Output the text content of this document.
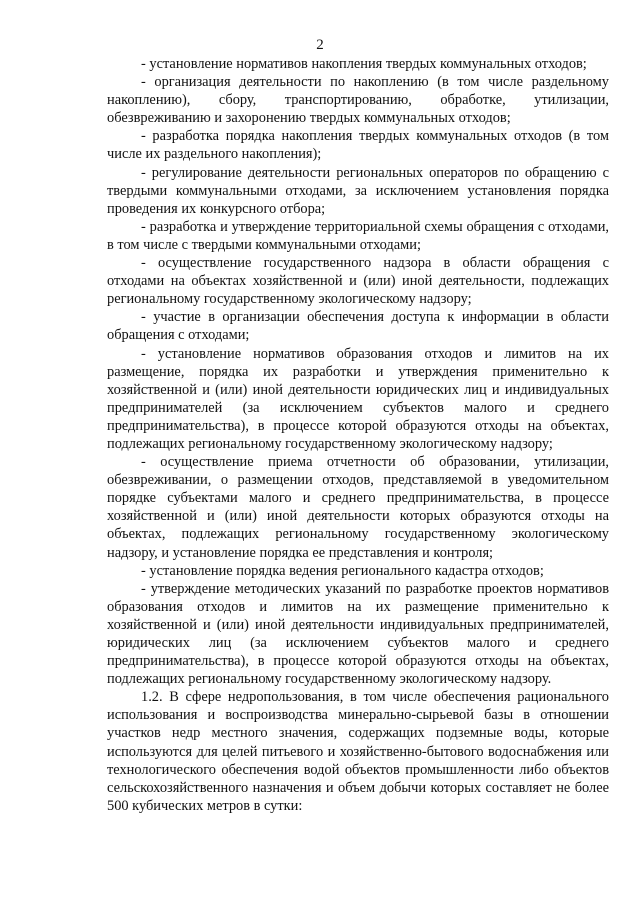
2

- установление нормативов накопления твердых коммунальных отходов;

- организация деятельности по накоплению (в том числе раздельному накоплению), сбору, транспортированию, обработке, утилизации, обезвреживанию и захоронению твердых коммунальных отходов;

- разработка порядка накопления твердых коммунальных отходов (в том числе их раздельного накопления);

- регулирование деятельности региональных операторов по обращению с твердыми коммунальными отходами, за исключением установления порядка проведения их конкурсного отбора;

- разработка и утверждение территориальной схемы обращения с отходами, в том числе с твердыми коммунальными отходами;

- осуществление государственного надзора в области обращения с отходами на объектах хозяйственной и (или) иной деятельности, подлежащих региональному государственному экологическому надзору;

- участие в организации обеспечения доступа к информации в области обращения с отходами;

- установление нормативов образования отходов и лимитов на их размещение, порядка их разработки и утверждения применительно к хозяйственной и (или) иной деятельности юридических лиц и индивидуальных предпринимателей (за исключением субъектов малого и среднего предпринимательства), в процессе которой образуются отходы на объектах, подлежащих региональному государственному экологическому надзору;

- осуществление приема отчетности об образовании, утилизации, обезвреживании, о размещении отходов, представляемой в уведомительном порядке субъектами малого и среднего предпринимательства, в процессе хозяйственной и (или) иной деятельности которых образуются отходы на объектах, подлежащих региональному государственному экологическому надзору, и установление порядка ее представления и контроля;

- установление порядка ведения регионального кадастра отходов;

- утверждение методических указаний по разработке проектов нормативов образования отходов и лимитов на их размещение применительно к хозяйственной и (или) иной деятельности индивидуальных предпринимателей, юридических лиц (за исключением субъектов малого и среднего предпринимательства), в процессе которой образуются отходы на объектах, подлежащих региональному государственному экологическому надзору.

1.2. В сфере недропользования, в том числе обеспечения рационального использования и воспроизводства минерально-сырьевой базы в отношении участков недр местного значения, содержащих подземные воды, которые используются для целей питьевого и хозяйственно-бытового водоснабжения или технологического обеспечения водой объектов промышленности либо объектов сельскохозяйственного назначения и объем добычи которых составляет не более 500 кубических метров в сутки:
